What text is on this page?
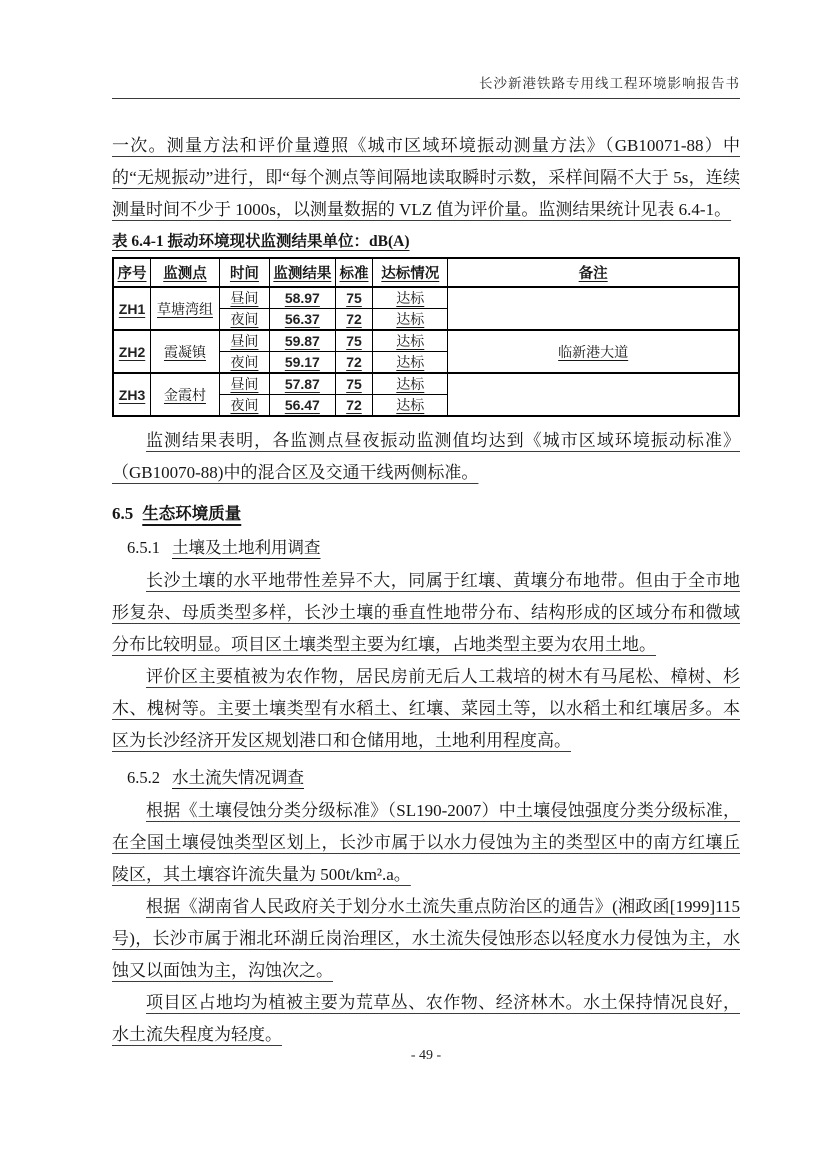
长沙新港铁路专用线工程环境影响报告书

一次。测量方法和评价量遵照《城市区域环境振动测量方法》（GB10071-88）中的“无规振动”进行，即“每个测点等间隔地读取瞬时示数，采样间隔不大于 5s，连续测量时间不少于 1000s，以测量数据的 VLZ 值为评价量。监测结果统计见表 6.4-1。

表 6.4-1 振动环境现状监测结果单位：dB(A)
序号	监测点	时间	监测结果	标准	达标情况	备注
ZH1	草塘湾组	昼间	58.97	75	达标	
		夜间	56.37	72	达标	
ZH2	霞凝镇	昼间	59.87	75	达标	临新港大道
		夜间	59.17	72	达标	
ZH3	金霞村	昼间	57.87	75	达标	
		夜间	56.47	72	达标	

监测结果表明，各监测点昼夜振动监测值均达到《城市区域环境振动标准》（GB10070-88)中的混合区及交通干线两侧标准。

6.5 生态环境质量

6.5.1 土壤及土地利用调查

长沙土壤的水平地带性差异不大，同属于红壤、黄壤分布地带。但由于全市地形复杂、母质类型多样，长沙土壤的垂直性地带分布、结构形成的区域分布和微域分布比较明显。项目区土壤类型主要为红壤，占地类型主要为农用土地。

评价区主要植被为农作物，居民房前无后人工栽培的树木有马尾松、樟树、杉木、槐树等。主要土壤类型有水稻土、红壤、菜园土等，以水稻土和红壤居多。本区为长沙经济开发区规划港口和仓储用地，土地利用程度高。

6.5.2 水土流失情况调查

根据《土壤侵蚀分类分级标准》（SL190-2007）中土壤侵蚀强度分类分级标准，在全国土壤侵蚀类型区划上，长沙市属于以水力侵蚀为主的类型区中的南方红壤丘陵区，其土壤容许流失量为 500t/km².a。

根据《湖南省人民政府关于划分水土流失重点防治区的通告》(湘政函[1999]115号)，长沙市属于湘北环湖丘岗治理区，水土流失侵蚀形态以轻度水力侵蚀为主，水蚀又以面蚀为主，沟蚀次之。

项目区占地均为植被主要为荒草丛、农作物、经济林木。水土保持情况良好，水土流失程度为轻度。

- 49 -
